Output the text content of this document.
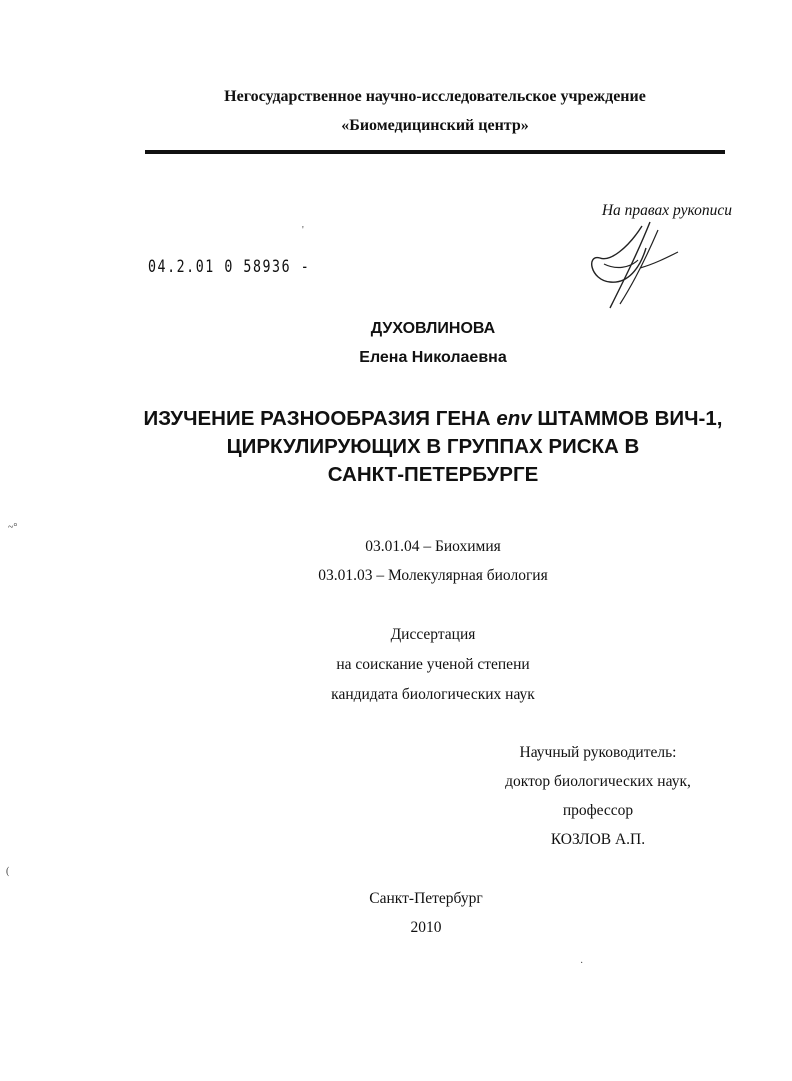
Негосударственное научно-исследовательское учреждение
«Биомедицинский центр»
На правах рукописи
04.2.01 0 58936 -
ДУХОВЛИНОВА
Елена Николаевна
ИЗУЧЕНИЕ РАЗНООБРАЗИЯ ГЕНА env ШТАММОВ ВИЧ-1,
ЦИРКУЛИРУЮЩИХ В ГРУППАХ РИСКА В
САНКТ-ПЕТЕРБУРГЕ
03.01.04 – Биохимия
03.01.03 – Молекулярная биология
Диссертация
на соискание ученой степени
кандидата биологических наук
Научный руководитель:
доктор биологических наук,
профессор
КОЗЛОВ А.П.
Санкт-Петербург
2010
~°
(
'
·
